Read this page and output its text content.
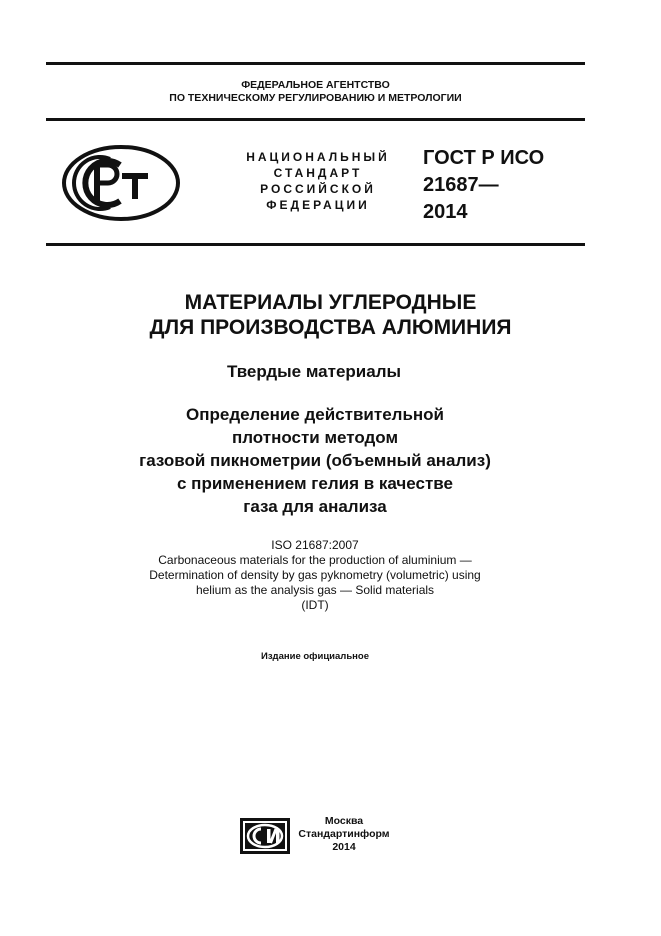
ФЕДЕРАЛЬНОЕ АГЕНТСТВО
ПО ТЕХНИЧЕСКОМУ РЕГУЛИРОВАНИЮ И МЕТРОЛОГИИ
НАЦИОНАЛЬНЫЙ
СТАНДАРТ
РОССИЙСКОЙ
ФЕДЕРАЦИИ
ГОСТ Р ИСО
21687—
2014
МАТЕРИАЛЫ УГЛЕРОДНЫЕ
ДЛЯ ПРОИЗВОДСТВА АЛЮМИНИЯ
Твердые материалы
Определение действительной
плотности методом
газовой пикнометрии (объемный анализ)
с применением гелия в качестве
газа для анализа
ISO 21687:2007
Carbonaceous materials for the production of aluminium —
Determination of density by gas pyknometry (volumetric) using
helium as the analysis gas — Solid materials
(IDT)
Издание официальное
Москва
Стандартинформ
2014
